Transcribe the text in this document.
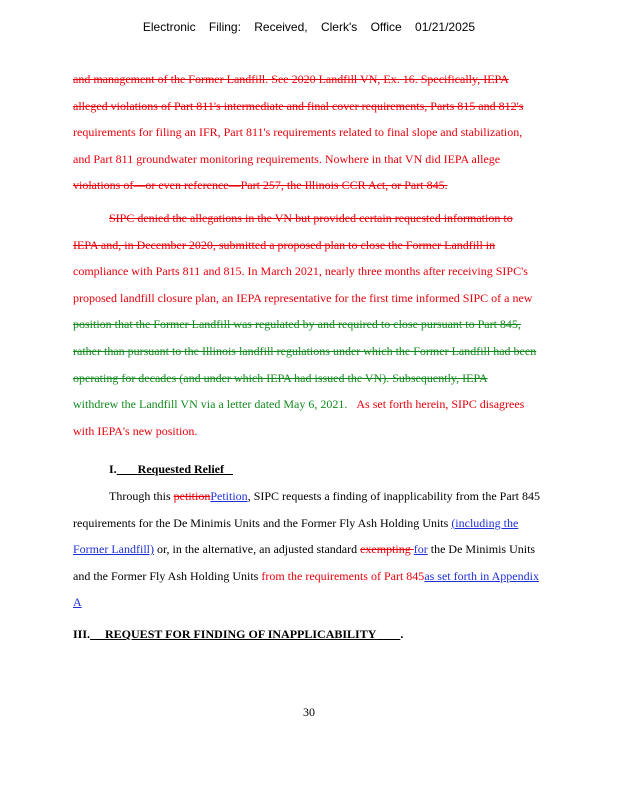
Electronic Filing: Received, Clerk's Office 01/21/2025
and management of the Former Landfill. See 2020 Landfill VN, Ex. 16. Specifically, IEPA
alleged violations of Part 811's intermediate and final cover requirements, Parts 815 and 812's
requirements for filing an IFR, Part 811's requirements related to final slope and stabilization,
and Part 811 groundwater monitoring requirements. Nowhere in that VN did IEPA allege
violations of—or even reference—Part 257, the Illinois CCR Act, or Part 845.
SIPC denied the allegations in the VN but provided certain requested information to
IEPA and, in December 2020, submitted a proposed plan to close the Former Landfill in
compliance with Parts 811 and 815. In March 2021, nearly three months after receiving SIPC's
proposed landfill closure plan, an IEPA representative for the first time informed SIPC of a new
position that the Former Landfill was regulated by and required to close pursuant to Part 845,
rather than pursuant to the Illinois landfill regulations under which the Former Landfill had been
operating for decades (and under which IEPA had issued the VN). Subsequently, IEPA
withdrew the Landfill VN via a letter dated May 6, 2021. As set forth herein, SIPC disagrees
with IEPA's new position.
I. Requested Relief
Through this petitionPetition, SIPC requests a finding of inapplicability from the Part 845
requirements for the De Minimis Units and the Former Fly Ash Holding Units (including the
Former Landfill) or, in the alternative, an adjusted standard exempting for the De Minimis Units
and the Former Fly Ash Holding Units from the requirements of Part 845as set forth in Appendix
A
III. REQUEST FOR FINDING OF INAPPLICABILITY .
30
